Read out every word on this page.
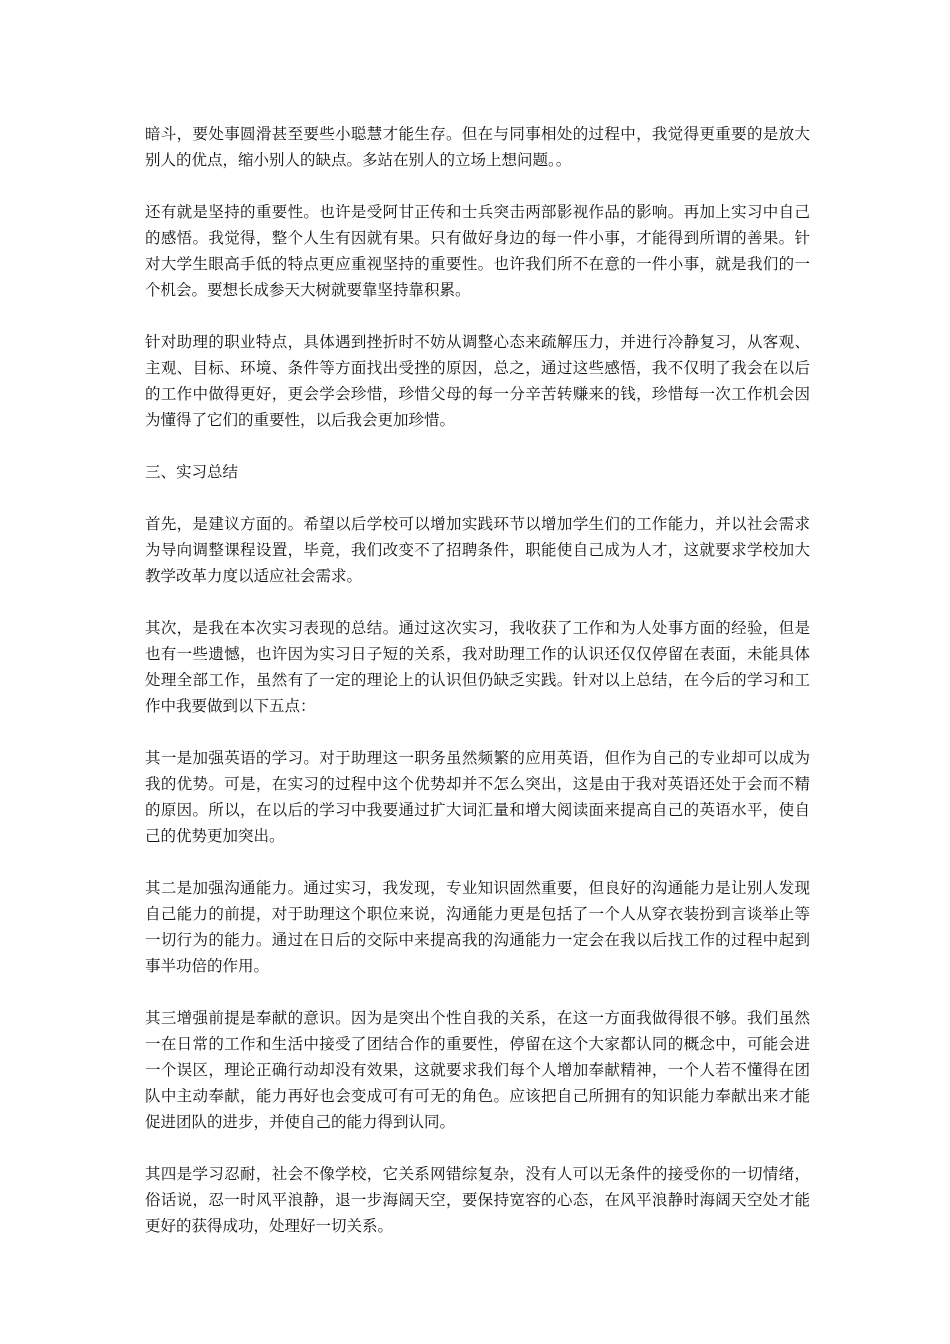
暗斗，要处事圆滑甚至要些小聪慧才能生存。但在与同事相处的过程中，我觉得更重要的是放大别人的优点，缩小别人的缺点。多站在别人的立场上想问题。。

还有就是坚持的重要性。也许是受阿甘正传和士兵突击两部影视作品的影响。再加上实习中自己的感悟。我觉得，整个人生有因就有果。只有做好身边的每一件小事，才能得到所谓的善果。针对大学生眼高手低的特点更应重视坚持的重要性。也许我们所不在意的一件小事，就是我们的一个机会。要想长成参天大树就要靠坚持靠积累。

针对助理的职业特点，具体遇到挫折时不妨从调整心态来疏解压力，并进行冷静复习，从客观、主观、目标、环境、条件等方面找出受挫的原因，总之，通过这些感悟，我不仅明了我会在以后的工作中做得更好，更会学会珍惜，珍惜父母的每一分辛苦转赚来的钱，珍惜每一次工作机会因为懂得了它们的重要性，以后我会更加珍惜。

三、实习总结

首先，是建议方面的。希望以后学校可以增加实践环节以增加学生们的工作能力，并以社会需求为导向调整课程设置，毕竟，我们改变不了招聘条件，职能使自己成为人才，这就要求学校加大教学改革力度以适应社会需求。

其次，是我在本次实习表现的总结。通过这次实习，我收获了工作和为人处事方面的经验，但是也有一些遗憾，也许因为实习日子短的关系，我对助理工作的认识还仅仅停留在表面，未能具体处理全部工作，虽然有了一定的理论上的认识但仍缺乏实践。针对以上总结，在今后的学习和工作中我要做到以下五点：

其一是加强英语的学习。对于助理这一职务虽然频繁的应用英语，但作为自己的专业却可以成为我的优势。可是，在实习的过程中这个优势却并不怎么突出，这是由于我对英语还处于会而不精的原因。所以，在以后的学习中我要通过扩大词汇量和增大阅读面来提高自己的英语水平，使自己的优势更加突出。

其二是加强沟通能力。通过实习，我发现，专业知识固然重要，但良好的沟通能力是让别人发现自己能力的前提，对于助理这个职位来说，沟通能力更是包括了一个人从穿衣装扮到言谈举止等一切行为的能力。通过在日后的交际中来提高我的沟通能力一定会在我以后找工作的过程中起到事半功倍的作用。

其三增强前提是奉献的意识。因为是突出个性自我的关系，在这一方面我做得很不够。我们虽然一在日常的工作和生活中接受了团结合作的重要性，停留在这个大家都认同的概念中，可能会进一个误区，理论正确行动却没有效果，这就要求我们每个人增加奉献精神，一个人若不懂得在团队中主动奉献，能力再好也会变成可有可无的角色。应该把自己所拥有的知识能力奉献出来才能促进团队的进步，并使自己的能力得到认同。

其四是学习忍耐，社会不像学校，它关系网错综复杂，没有人可以无条件的接受你的一切情绪，俗话说，忍一时风平浪静，退一步海阔天空，要保持宽容的心态，在风平浪静时海阔天空处才能更好的获得成功，处理好一切关系。
